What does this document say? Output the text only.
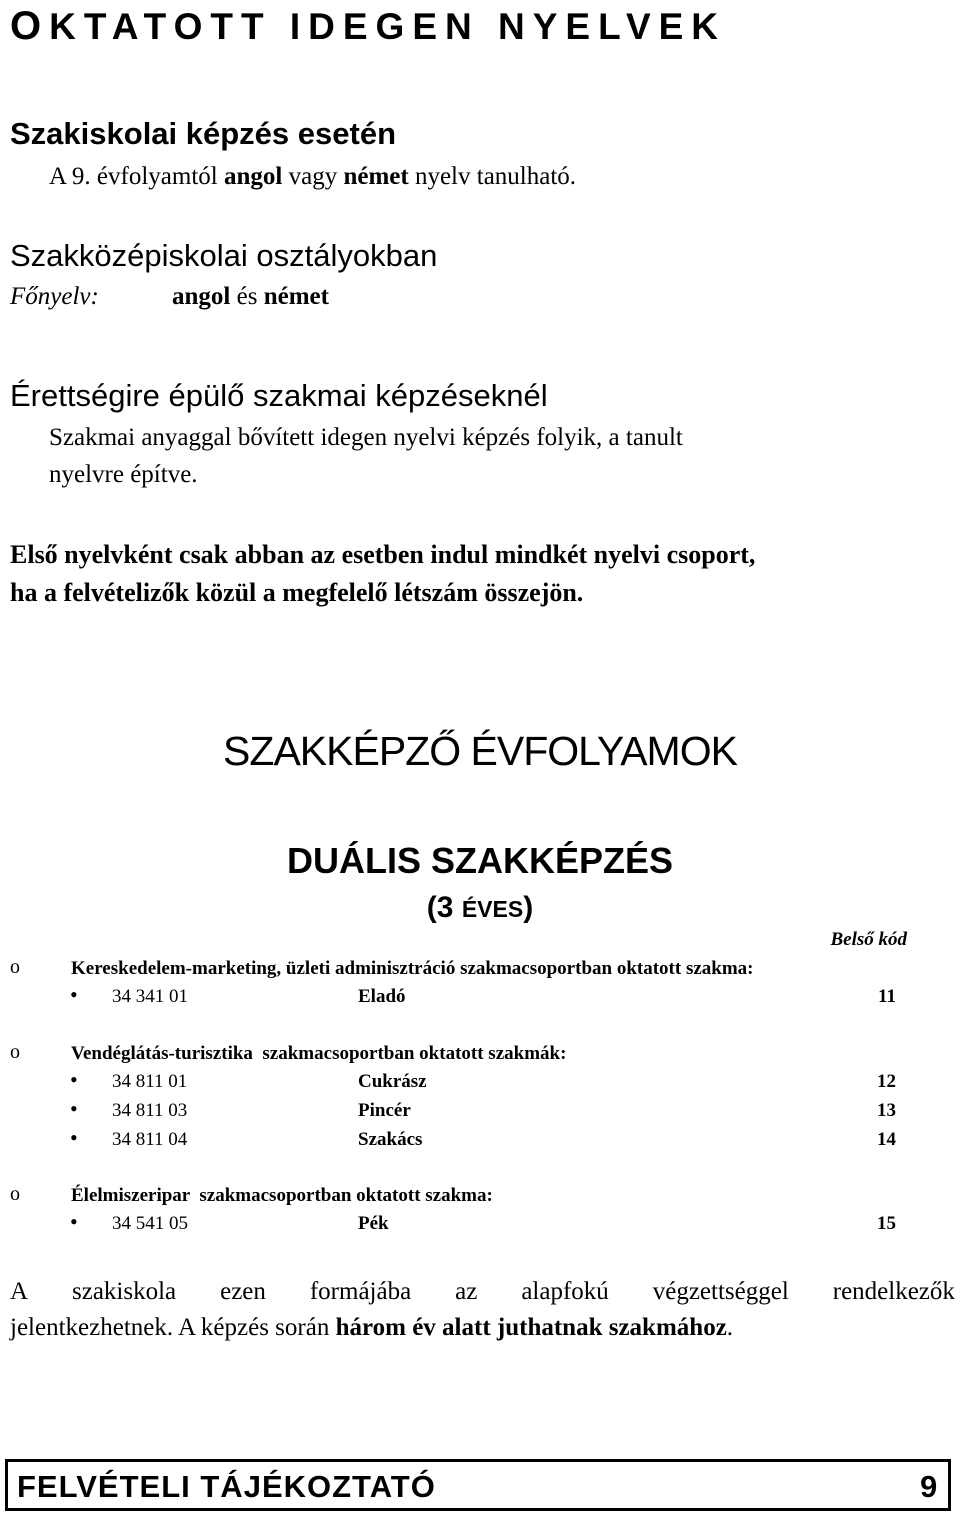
OKTATOTT IDEGEN NYELVEK
Szakiskolai képzés esetén
A 9. évfolyamtól angol vagy német nyelv tanulható.
Szakközépiskolai osztályokban
Főnyelv:	angol és német
Érettségire épülő szakmai képzéseknél
Szakmai anyaggal bővített idegen nyelvi képzés folyik, a tanult
nyelvre építve.
Első nyelvként csak abban az esetben indul mindkét nyelvi csoport,
ha a felvételizők közül a megfelelő létszám összejön.
SZAKKÉPZŐ ÉVFOLYAMOK
DUÁLIS SZAKKÉPZÉS
(3 ÉVES)
Belső kód
o	Kereskedelem-marketing, üzleti adminisztráció szakmacsoportban oktatott szakma:
• 34 341 01	Eladó	11
o	Vendéglátás-turisztika  szakmacsoportban oktatott szakmák:
• 34 811 01	Cukrász	12
• 34 811 03	Pincér	13
• 34 811 04	Szakács	14
o	Élelmiszeripar  szakmacsoportban oktatott szakma:
• 34 541 05	Pék	15
A szakiskola ezen formájába az alapfokú végzettséggel rendelkezők
jelentkezhetnek. A képzés során három év alatt juthatnak szakmához.
FELVÉTELI TÁJÉKOZTATÓ	9
